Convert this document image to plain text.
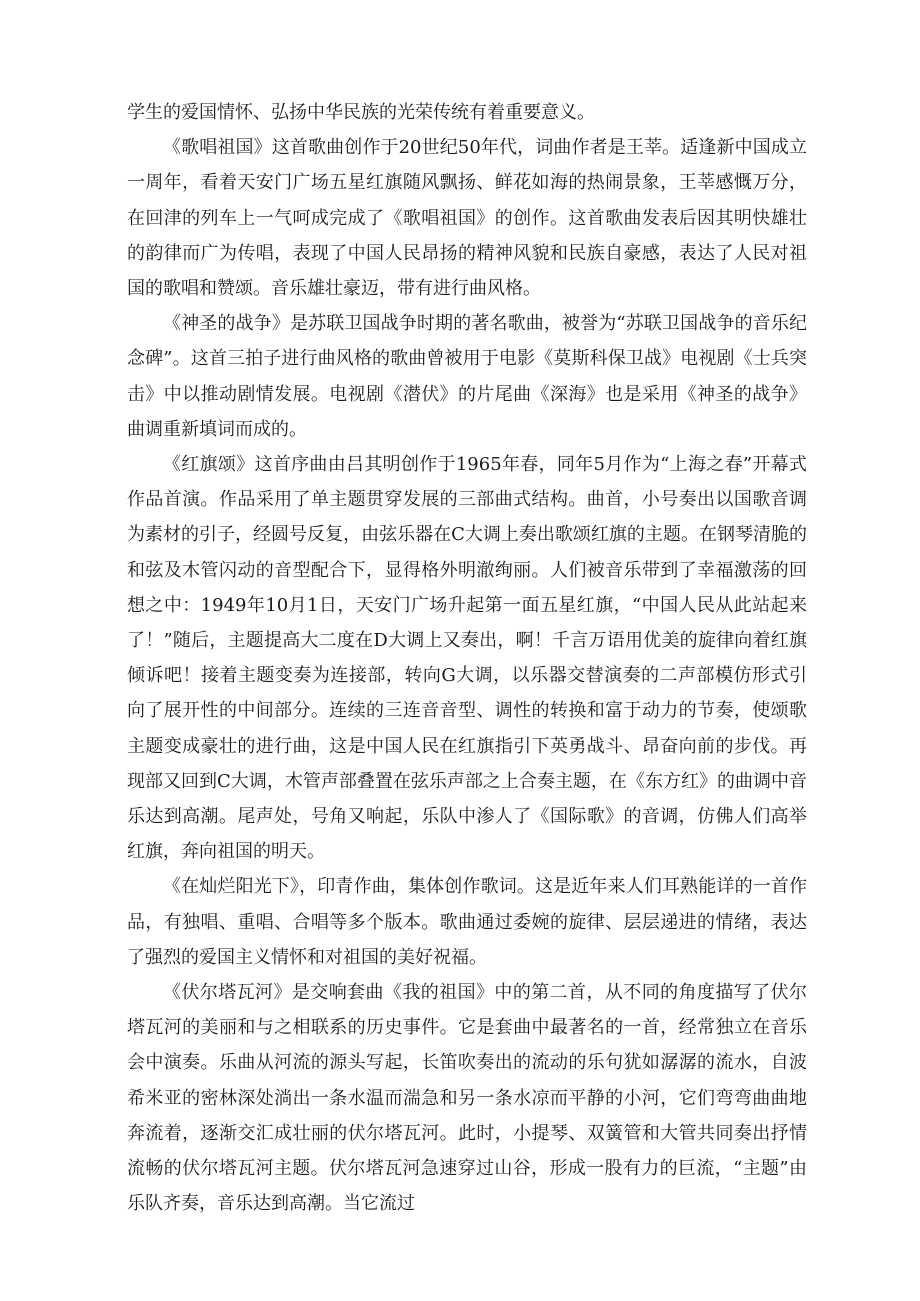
学生的爱国情怀、弘扬中华民族的光荣传统有着重要意义。

《歌唱祖国》这首歌曲创作于20世纪50年代，词曲作者是王莘。适逢新中国成立一周年，看着天安门广场五星红旗随风飘扬、鲜花如海的热闹景象，王莘感慨万分，在回津的列车上一气呵成完成了《歌唱祖国》的创作。这首歌曲发表后因其明快雄壮的韵律而广为传唱，表现了中国人民昂扬的精神风貌和民族自豪感，表达了人民对祖国的歌唱和赞颂。音乐雄壮豪迈，带有进行曲风格。

《神圣的战争》是苏联卫国战争时期的著名歌曲，被誉为“苏联卫国战争的音乐纪念碑”。这首三拍子进行曲风格的歌曲曾被用于电影《莫斯科保卫战》电视剧《士兵突击》中以推动剧情发展。电视剧《潜伏》的片尾曲《深海》也是采用《神圣的战争》曲调重新填词而成的。

《红旗颂》这首序曲由吕其明创作于1965年春，同年5月作为“上海之春”开幕式作品首演。作品采用了单主题贯穿发展的三部曲式结构。曲首，小号奏出以国歌音调为素材的引子，经圆号反复，由弦乐器在C大调上奏出歌颂红旗的主题。在钢琴清脆的和弦及木管闪动的音型配合下，显得格外明澈绚丽。人们被音乐带到了幸福激荡的回想之中：1949年10月1日，天安门广场升起第一面五星红旗，“中国人民从此站起来了！”随后，主题提高大二度在D大调上又奏出，啊！千言万语用优美的旋律向着红旗倾诉吧！接着主题变奏为连接部，转向G大调，以乐器交替演奏的二声部模仿形式引向了展开性的中间部分。连续的三连音音型、调性的转换和富于动力的节奏，使颂歌主题变成豪壮的进行曲，这是中国人民在红旗指引下英勇战斗、昂奋向前的步伐。再现部又回到C大调，木管声部叠置在弦乐声部之上合奏主题，在《东方红》的曲调中音乐达到高潮。尾声处，号角又响起，乐队中渗人了《国际歌》的音调，仿佛人们高举红旗，奔向祖国的明天。

《在灿烂阳光下》，印青作曲，集体创作歌词。这是近年来人们耳熟能详的一首作品，有独唱、重唱、合唱等多个版本。歌曲通过委婉的旋律、层层递进的情绪，表达了强烈的爱国主义情怀和对祖国的美好祝福。

《伏尔塔瓦河》是交响套曲《我的祖国》中的第二首，从不同的角度描写了伏尔塔瓦河的美丽和与之相联系的历史事件。它是套曲中最著名的一首，经常独立在音乐会中演奏。乐曲从河流的源头写起，长笛吹奏出的流动的乐句犹如潺潺的流水，自波希米亚的密林深处淌出一条水温而湍急和另一条水凉而平静的小河，它们弯弯曲曲地奔流着，逐渐交汇成壮丽的伏尔塔瓦河。此时，小提琴、双簧管和大管共同奏出抒情流畅的伏尔塔瓦河主题。伏尔塔瓦河急速穿过山谷，形成一股有力的巨流，“主题”由乐队齐奏，音乐达到高潮。当它流过
